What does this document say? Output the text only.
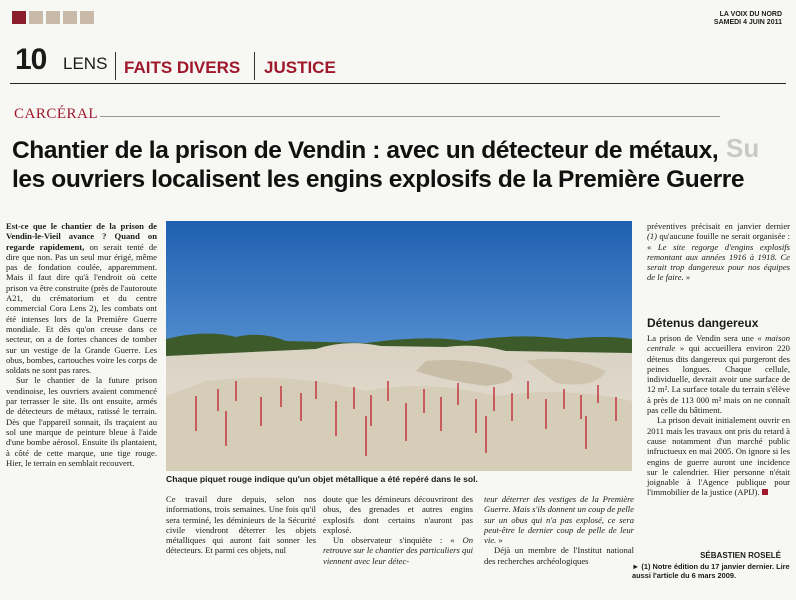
LA VOIX DU NORD
SAMEDI 4 JUIN 2011
10 LENS FAITS DIVERS JUSTICE
Su
CARCÉRAL
Chantier de la prison de Vendin : avec un détecteur de métaux,
les ouvriers localisent les engins explosifs de la Première Guerre

Est-ce que le chantier de la prison de Vendin-le-Vieil avance ? Quand on regarde rapidement, on serait tenté de dire que non. Pas un seul mur érigé, même pas de fondation coulée, apparemment. Mais il faut dire qu'à l'endroit où cette prison va être construite (près de l'autoroute A21, du crématorium et du centre commercial Cora Lens 2), les combats ont été intenses lors de la Première Guerre mondiale. Et dès qu'on creuse dans ce secteur, on a de fortes chances de tomber sur un vestige de la Grande Guerre. Les obus, bombes, cartouches voire les corps de soldats ne sont pas rares.

Sur le chantier de la future prison vendinoise, les ouvriers avaient commencé par terrasser le site. Ils ont ensuite, armés de détecteurs de métaux, ratissé le terrain. Dès que l'appareil sonnait, ils traçaient au sol une marque de peinture bleue à l'aide d'une bombe aérosol. Ensuite ils plantaient, à côté de cette marque, une tige rouge. Hier, le terrain en semblait recouvert.

Chaque piquet rouge indique qu'un objet métallique a été repéré dans le sol.

Ce travail dure depuis, selon nos informations, trois semaines. Une fois qu'il sera terminé, les déminieurs de la Sécurité civile viendront déterrer les objets métalliques qui auront fait sonner les détecteurs. Et parmi ces objets, nul

doute que les démineurs découvriront des obus, des grenades et autres engins explosifs dont certains n'auront pas explosé.

Un observateur s'inquiète : « On retrouve sur le chantier des particuliers qui viennent avec leur détec-

teur déterrer des vestiges de la Première Guerre. Mais s'ils donnent un coup de pelle sur un obus qui n'a pas explosé, ce sera peut-être le dernier coup de pelle de leur vie. »

Déjà un membre de l'Institut national des recherches archéologiques

préventives précisait en janvier dernier (1) qu'aucune fouille ne serait organisée : « Le site regorge d'engins explosifs remontant aux années 1916 à 1918. Ce serait trop dangereux pour nos équipes de le faire. »

Détenus dangereux

La prison de Vendin sera une « maison centrale » qui accueillera environ 220 détenus dits dangereux qui purgeront des peines longues. Chaque cellule, individuelle, devrait avoir une surface de 12 m². La surface totale du terrain s'élève à près de 113 000 m² mais on ne connaît pas celle du bâtiment.

La prison devait initialement ouvrir en 2011 mais les travaux ont pris du retard à cause notamment d'un marché public infructueux en mai 2005. On ignore si les engins de guerre auront une incidence sur le calendrier. Hier personne n'était joignable à l'Agence publique pour l'immobilier de la justice (APIJ).

SÉBASTIEN ROSELÉ
► (1) Notre édition du 17 janvier dernier. Lire aussi l'article du 6 mars 2009.
